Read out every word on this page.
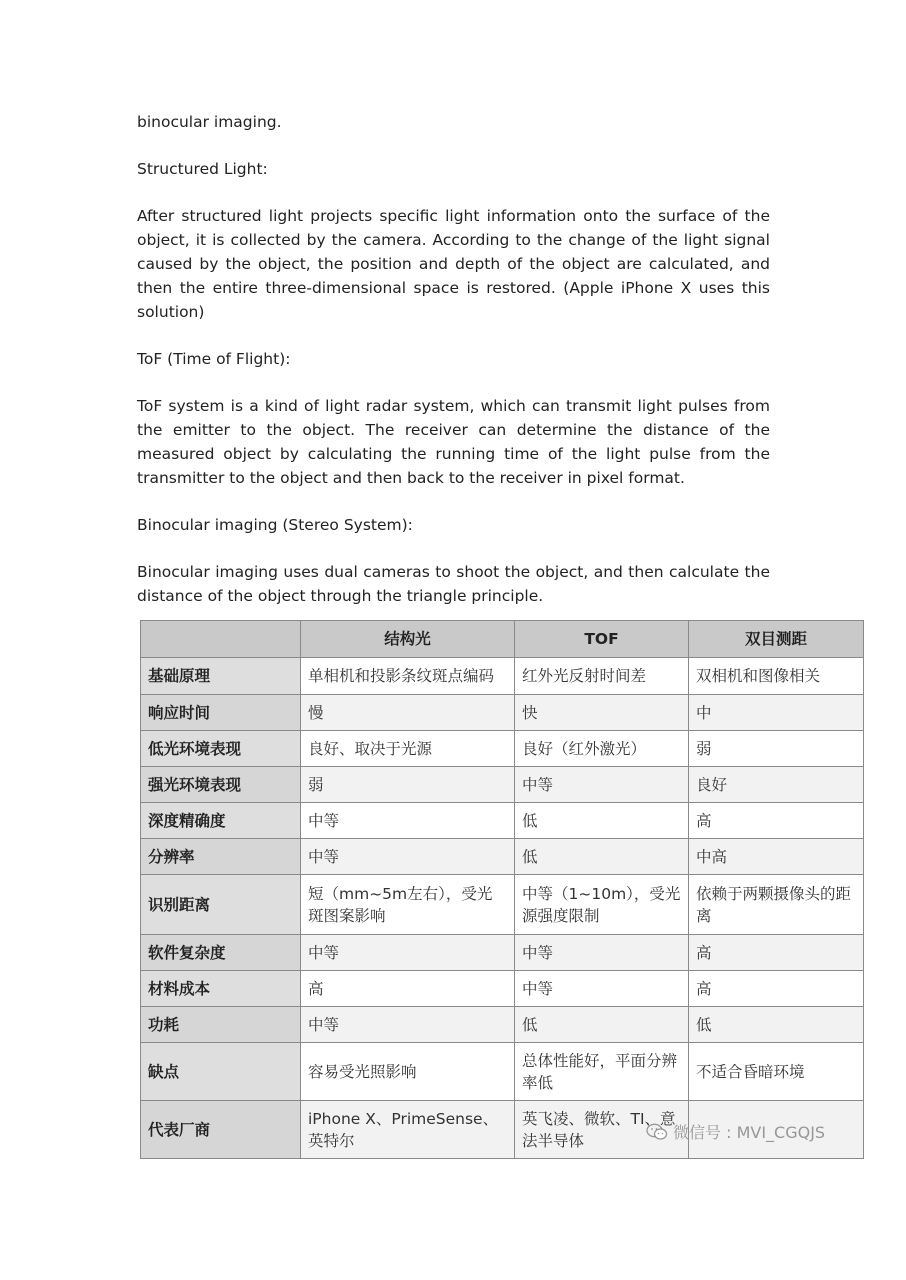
binocular imaging.

Structured Light:

After structured light projects specific light information onto the surface of the object, it is collected by the camera. According to the change of the light signal caused by the object, the position and depth of the object are calculated, and then the entire three-dimensional space is restored. (Apple iPhone X uses this solution)

ToF (Time of Flight):

ToF system is a kind of light radar system, which can transmit light pulses from the emitter to the object. The receiver can determine the distance of the measured object by calculating the running time of the light pulse from the transmitter to the object and then back to the receiver in pixel format.

Binocular imaging (Stereo System):

Binocular imaging uses dual cameras to shoot the object, and then calculate the distance of the object through the triangle principle.

	结构光	TOF	双目测距
基础原理	单相机和投影条纹斑点编码	红外光反射时间差	双相机和图像相关
响应时间	慢	快	中
低光环境表现	良好、取决于光源	良好（红外激光）	弱
强光环境表现	弱	中等	良好
深度精确度	中等	低	高
分辨率	中等	低	中高
识别距离	短（mm~5m左右），受光斑图案影响	中等（1~10m），受光源强度限制	依赖于两颗摄像头的距离
软件复杂度	中等	中等	高
材料成本	高	中等	高
功耗	中等	低	低
缺点	容易受光照影响	总体性能好，平面分辨率低	不适合昏暗环境
代表厂商	iPhone X、PrimeSense、英特尔	英飞凌、微软、TI、意法半导体		微信号 : MVI_CGQJS
